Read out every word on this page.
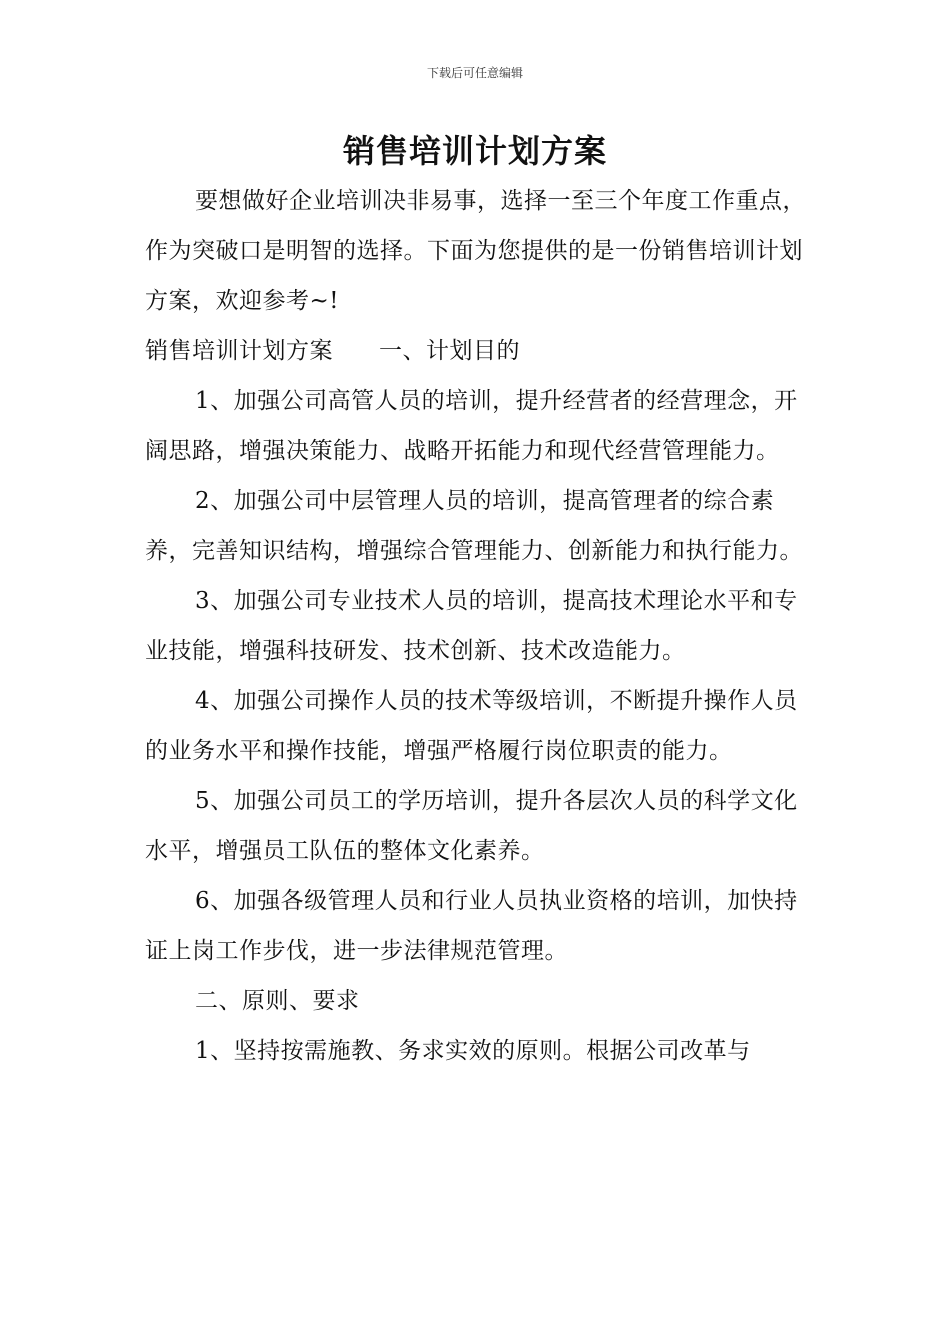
下载后可任意编辑
销售培训计划方案

要想做好企业培训决非易事，选择一至三个年度工作重点，　作为突破口是明智的选择。下面为您提供的是一份销售培训计划方案，欢迎参考~!

销售培训计划方案 一、计划目的

1、加强公司高管人员的培训，提升经营者的经营理念，开阔思路，增强决策能力、战略开拓能力和现代经营管理能力。

2、加强公司中层管理人员的培训，提高管理者的综合素养，完善知识结构，增强综合管理能力、创新能力和执行能力。

3、加强公司专业技术人员的培训，提高技术理论水平和专业技能，增强科技研发、技术创新、技术改造能力。

4、加强公司操作人员的技术等级培训，不断提升操作人员的业务水平和操作技能，增强严格履行岗位职责的能力。

5、加强公司员工的学历培训，提升各层次人员的科学文化水平，增强员工队伍的整体文化素养。

6、加强各级管理人员和行业人员执业资格的培训，加快持证上岗工作步伐，进一步法律规范管理。

二、原则、要求

1、坚持按需施教、务求实效的原则。根据公司改革与
